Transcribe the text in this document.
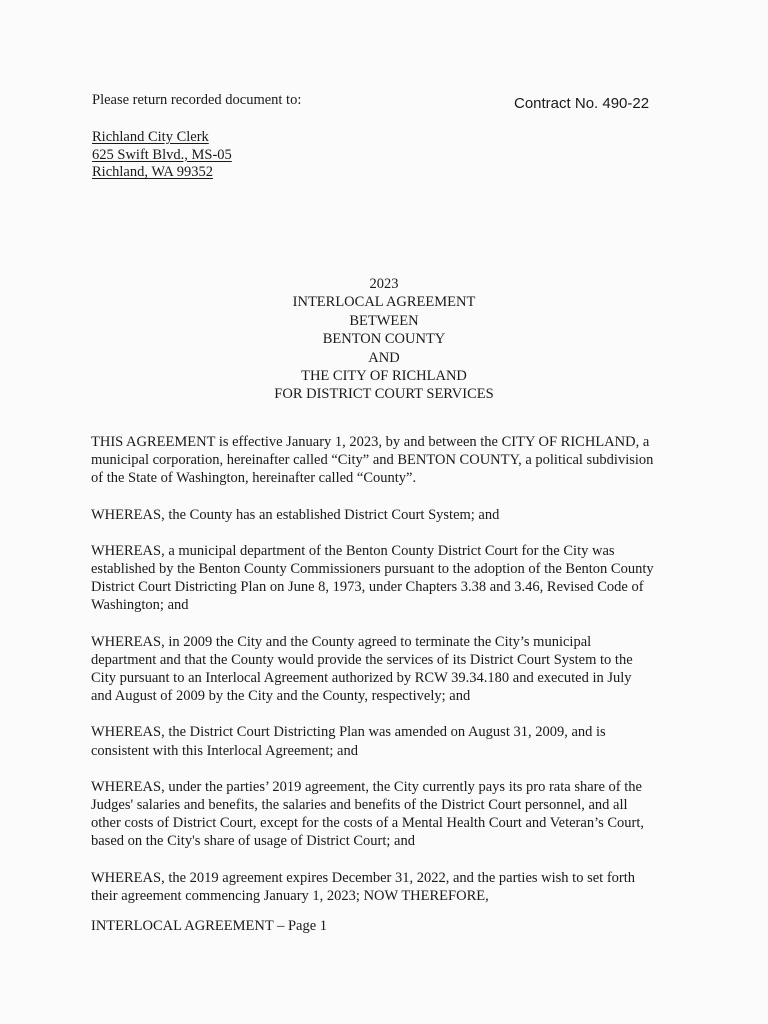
Please return recorded document to:	Contract No. 490-22
Richland City Clerk
625 Swift Blvd., MS-05
Richland, WA 99352
2023
INTERLOCAL AGREEMENT
BETWEEN
BENTON COUNTY
AND
THE CITY OF RICHLAND
FOR DISTRICT COURT SERVICES

THIS AGREEMENT is effective January 1, 2023, by and between the CITY OF RICHLAND, a
municipal corporation, hereinafter called “City” and BENTON COUNTY, a political subdivision
of the State of Washington, hereinafter called “County”.

WHEREAS, the County has an established District Court System; and

WHEREAS, a municipal department of the Benton County District Court for the City was
established by the Benton County Commissioners pursuant to the adoption of the Benton County
District Court Districting Plan on June 8, 1973, under Chapters 3.38 and 3.46, Revised Code of
Washington; and

WHEREAS, in 2009 the City and the County agreed to terminate the City’s municipal
department and that the County would provide the services of its District Court System to the
City pursuant to an Interlocal Agreement authorized by RCW 39.34.180 and executed in July
and August of 2009 by the City and the County, respectively; and

WHEREAS, the District Court Districting Plan was amended on August 31, 2009, and is
consistent with this Interlocal Agreement; and

WHEREAS, under the parties’ 2019 agreement, the City currently pays its pro rata share of the
Judges' salaries and benefits, the salaries and benefits of the District Court personnel, and all
other costs of District Court, except for the costs of a Mental Health Court and Veteran’s Court,
based on the City's share of usage of District Court; and

WHEREAS, the 2019 agreement expires December 31, 2022, and the parties wish to set forth
their agreement commencing January 1, 2023; NOW THEREFORE,

INTERLOCAL AGREEMENT – Page 1
